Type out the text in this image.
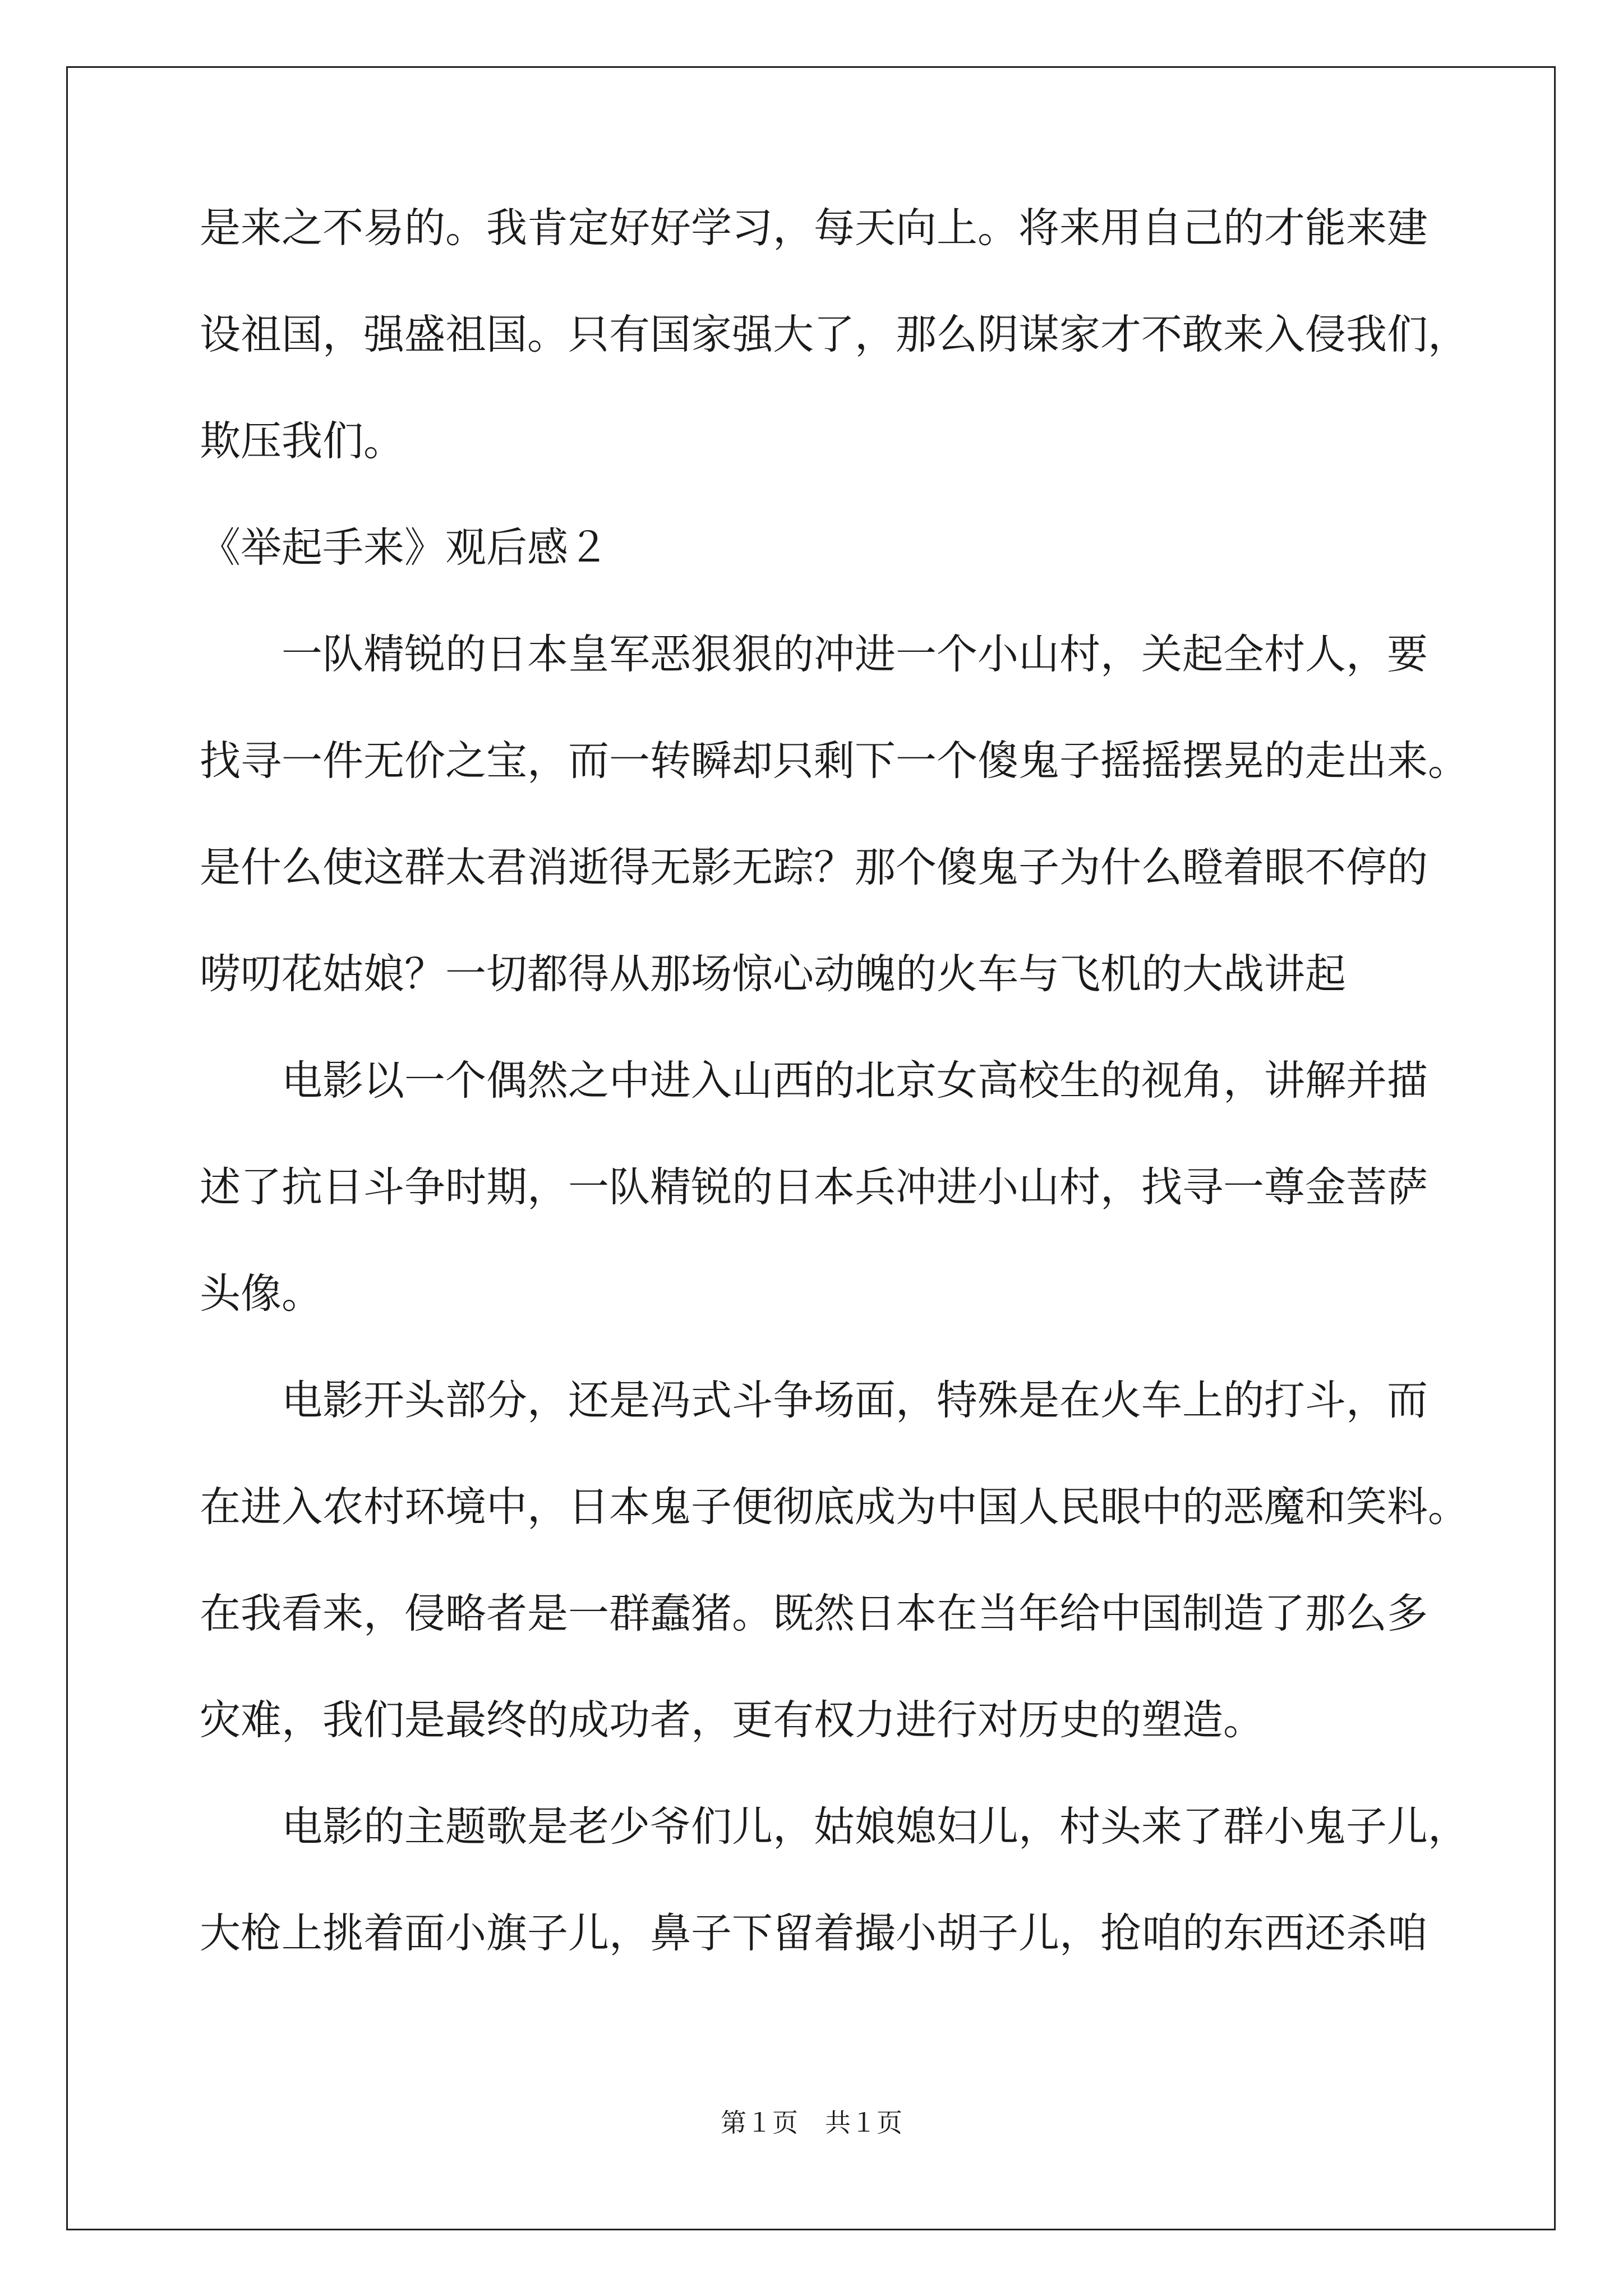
是来之不易的。我肯定好好学习，每天向上。将来用自己的才能来建
设祖国，强盛祖国。只有国家强大了，那么阴谋家才不敢来入侵我们，
欺压我们。
《举起手来》观后感２
一队精锐的日本皇军恶狠狠的冲进一个小山村，关起全村人，要
找寻一件无价之宝，而一转瞬却只剩下一个傻鬼子摇摇摆晃的走出来。
是什么使这群太君消逝得无影无踪？那个傻鬼子为什么瞪着眼不停的
唠叨花姑娘？一切都得从那场惊心动魄的火车与飞机的大战讲起
电影以一个偶然之中进入山西的北京女高校生的视角，讲解并描
述了抗日斗争时期，一队精锐的日本兵冲进小山村，找寻一尊金菩萨
头像。
电影开头部分，还是冯式斗争场面，特殊是在火车上的打斗，而
在进入农村环境中，日本鬼子便彻底成为中国人民眼中的恶魔和笑料。
在我看来，侵略者是一群蠢猪。既然日本在当年给中国制造了那么多
灾难，我们是最终的成功者，更有权力进行对历史的塑造。
电影的主题歌是老少爷们儿，姑娘媳妇儿，村头来了群小鬼子儿，
大枪上挑着面小旗子儿，鼻子下留着撮小胡子儿，抢咱的东西还杀咱
第１页 共１页
